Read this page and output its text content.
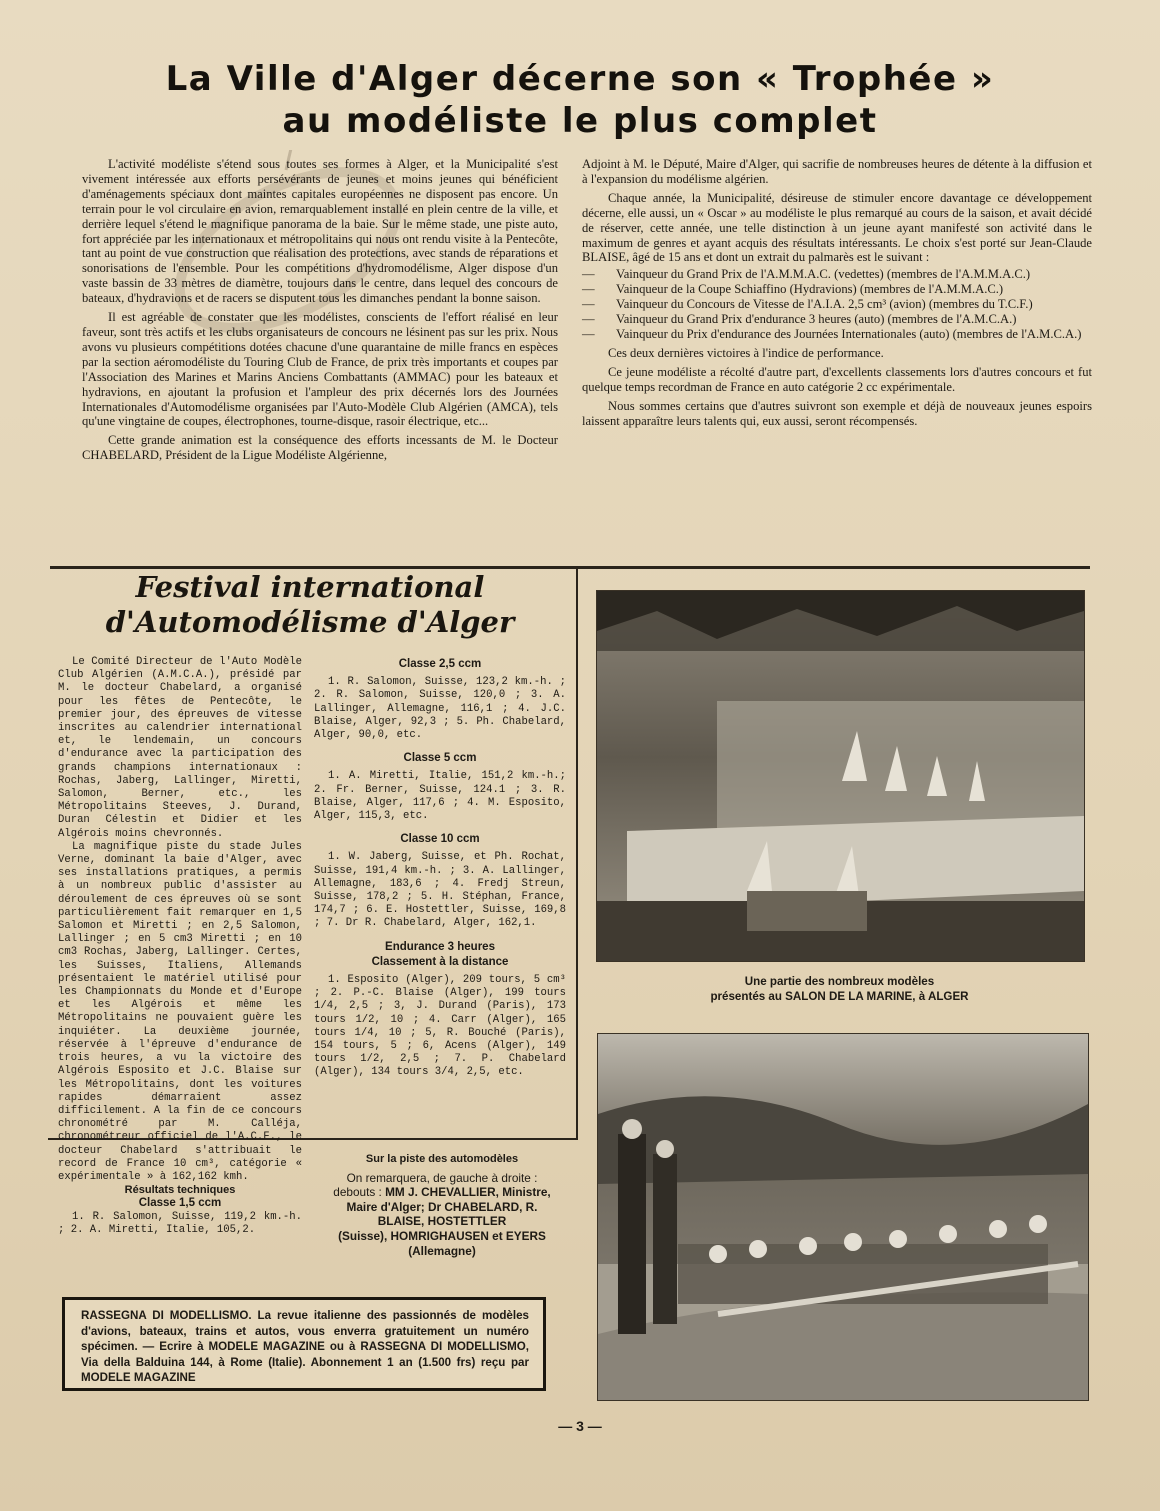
La Ville d'Alger décerne son « Trophée »
au modéliste le plus complet

L'activité modéliste s'étend sous toutes ses formes à Alger, et la Municipalité s'est vivement intéressée aux efforts persévérants de jeunes et moins jeunes qui bénéficient d'aménagements spéciaux dont maintes capitales européennes ne disposent pas encore. Un terrain pour le vol circulaire en avion, remarquablement installé en plein centre de la ville, et derrière lequel s'étend le magnifique panorama de la baie. Sur le même stade, une piste auto, fort appréciée par les internationaux et métropolitains qui nous ont rendu visite à la Pentecôte, tant au point de vue construction que réalisation des protections, avec stands de réparations et sonorisations de l'ensemble. Pour les compétitions d'hydromodélisme, Alger dispose d'un vaste bassin de 33 mètres de diamètre, toujours dans le centre, dans lequel des concours de bateaux, d'hydravions et de racers se disputent tous les dimanches pendant la bonne saison.

Il est agréable de constater que les modélistes, conscients de l'effort réalisé en leur faveur, sont très actifs et les clubs organisateurs de concours ne lésinent pas sur les prix. Nous avons vu plusieurs compétitions dotées chacune d'une quarantaine de mille francs en espèces par la section aéromodéliste du Touring Club de France, de prix très importants et coupes par l'Association des Marines et Marins Anciens Combattants (AMMAC) pour les bateaux et hydravions, en ajoutant la profusion et l'ampleur des prix décernés lors des Journées Internationales d'Automodélisme organisées par l'Auto-Modèle Club Algérien (AMCA), tels qu'une vingtaine de coupes, électrophones, tourne-disque, rasoir électrique, etc...

Cette grande animation est la conséquence des efforts incessants de M. le Docteur CHABELARD, Président de la Ligue Modéliste Algérienne,

Adjoint à M. le Député, Maire d'Alger, qui sacrifie de nombreuses heures de détente à la diffusion et à l'expansion du modélisme algérien.

Chaque année, la Municipalité, désireuse de stimuler encore davantage ce développement décerne, elle aussi, un « Oscar » au modéliste le plus remarqué au cours de la saison, et avait décidé de réserver, cette année, une telle distinction à un jeune ayant manifesté son activité dans le maximum de genres et ayant acquis des résultats intéressants. Le choix s'est porté sur Jean-Claude BLAISE, âgé de 15 ans et dont un extrait du palmarès est le suivant :

— Vainqueur du Grand Prix de l'A.M.M.A.C. (vedettes) (membres de l'A.M.M.A.C.)
— Vainqueur de la Coupe Schiaffino (Hydravions) (membres de l'A.M.M.A.C.)
— Vainqueur du Concours de Vitesse de l'A.I.A. 2,5 cm³ (avion) (membres du T.C.F.)
— Vainqueur du Grand Prix d'endurance 3 heures (auto) (membres de l'A.M.C.A.)
— Vainqueur du Prix d'endurance des Journées Internationales (auto) (membres de l'A.M.C.A.)

Ces deux dernières victoires à l'indice de performance.

Ce jeune modéliste a récolté d'autre part, d'excellents classements lors d'autres concours et fut quelque temps recordman de France en auto catégorie 2 cc expérimentale.

Nous sommes certains que d'autres suivront son exemple et déjà de nouveaux jeunes espoirs laissent apparaître leurs talents qui, eux aussi, seront récompensés.

Festival international
d'Automodélisme d'Alger

Le Comité Directeur de l'Auto Modèle Club Algérien (A.M.C.A.), présidé par M. le docteur Chabelard, a organisé pour les fêtes de Pentecôte, le premier jour, des épreuves de vitesse inscrites au calendrier international et, le lendemain, un concours d'endurance avec la participation des grands champions internationaux : Rochas, Jaberg, Lallinger, Miretti, Salomon, Berner, etc., les Métropolitains Steeves, J. Durand, Duran Célestin et Didier et les Algérois moins chevronnés.

La magnifique piste du stade Jules Verne, dominant la baie d'Alger, avec ses installations pratiques, a permis à un nombreux public d'assister au déroulement de ces épreuves où se sont particulièrement fait remarquer en 1,5 Salomon et Miretti ; en 2,5 Salomon, Lallinger ; en 5 cm3 Miretti ; en 10 cm3 Rochas, Jaberg, Lallinger. Certes, les Suisses, Italiens, Allemands présentaient le matériel utilisé pour les Championnats du Monde et d'Europe et les Algérois et même les Métropolitains ne pouvaient guère les inquiéter. La deuxième journée, réservée à l'épreuve d'endurance de trois heures, a vu la victoire des Algérois Esposito et J.C. Blaise sur les Métropolitains, dont les voitures rapides démarraient assez difficilement. A la fin de ce concours chronométré par M. Calléja, chronométreur officiel de l'A.C.F., le docteur Chabelard s'attribuait le record de France 10 cm³, catégorie « expérimentale » à 162,162 kmh.

Résultats techniques

Classe 1,5 ccm

1. R. Salomon, Suisse, 119,2 km.-h. ; 2. A. Miretti, Italie, 105,2.

Classe 2,5 ccm

1. R. Salomon, Suisse, 123,2 km.-h. ; 2. R. Salomon, Suisse, 120,0 ; 3. A. Lallinger, Allemagne, 116,1 ; 4. J.C. Blaise, Alger, 92,3 ; 5. Ph. Chabelard, Alger, 90,0, etc.

Classe 5 ccm

1. A. Miretti, Italie, 151,2 km.-h.; 2. Fr. Berner, Suisse, 124.1 ; 3. R. Blaise, Alger, 117,6 ; 4. M. Esposito, Alger, 115,3, etc.

Classe 10 ccm

1. W. Jaberg, Suisse, et Ph. Rochat, Suisse, 191,4 km.-h. ; 3. A. Lallinger, Allemagne, 183,6 ; 4. Fredj Streun, Suisse, 178,2 ; 5. H. Stéphan, France, 174,7 ; 6. E. Hostettler, Suisse, 169,8 ; 7. Dr R. Chabelard, Alger, 162,1.

Endurance 3 heures

Classement à la distance

1. Esposito (Alger), 209 tours, 5 cm³ ; 2. P.-C. Blaise (Alger), 199 tours 1/4, 2,5 ; 3, J. Durand (Paris), 173 tours 1/2, 10 ; 4. Carr (Alger), 165 tours 1/4, 10 ; 5, R. Bouché (Paris), 154 tours, 5 ; 6, Acens (Alger), 149 tours 1/2, 2,5 ; 7. P. Chabelard (Alger), 134 tours 3/4, 2,5, etc.

Sur la piste des automodèles
On remarquera, de gauche à droite : debouts : MM J. CHEVALLIER, Ministre, Maire d'Alger; Dr CHABELARD, R. BLAISE, HOSTETTLER
(Suisse), HOMRIGHAUSEN et EYERS (Allemagne)
RASSEGNA DI MODELLISMO. La revue italienne des passionnés de modèles d'avions, bateaux, trains et autos, vous enverra gratuitement un numéro spécimen. — Ecrire à MODELE MAGAZINE ou à RASSEGNA DI MODELLISMO, Via della Balduina 144, à Rome (Italie). Abonnement 1 an (1.500 frs) reçu par MODELE MAGAZINE
Une partie des nombreux modèles
présentés au SALON DE LA MARINE, à ALGER
— 3 —
